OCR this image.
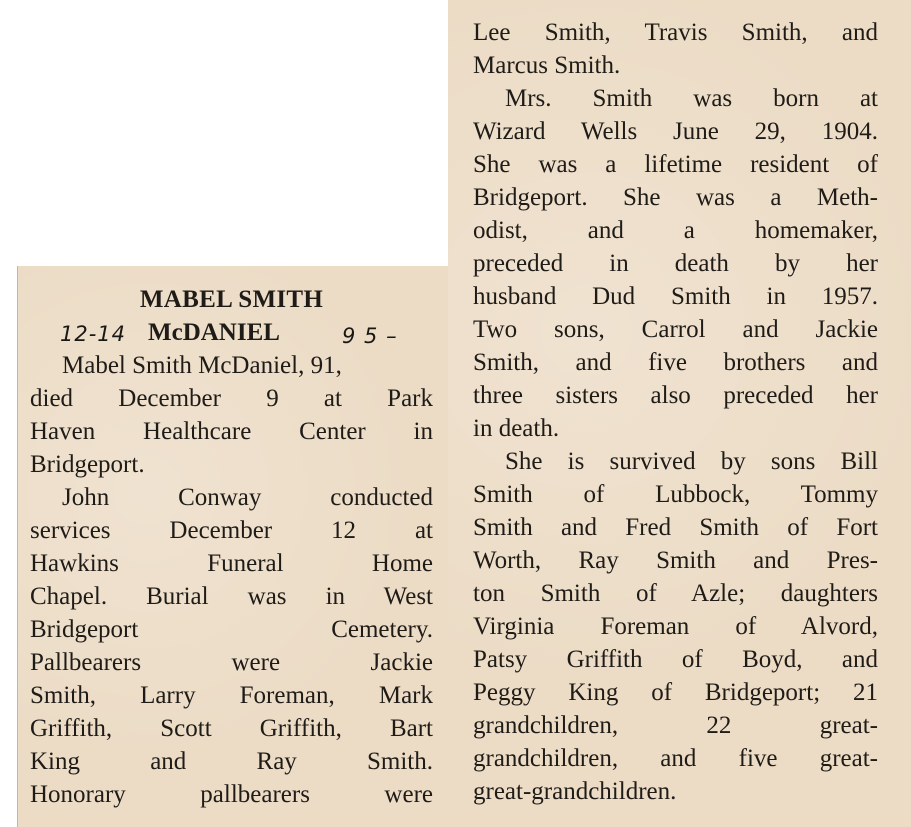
MABEL SMITH
12-14 McDANIEL	9 5 –
Mabel Smith McDaniel, 91,
died December 9 at Park
Haven Healthcare Center in
Bridgeport.
John Conway conducted
services December 12 at
Hawkins Funeral Home
Chapel. Burial was in West
Bridgeport Cemetery.
Pallbearers were Jackie
Smith, Larry Foreman, Mark
Griffith, Scott Griffith, Bart
King and Ray Smith.
Honorary pallbearers were
Lee Smith, Travis Smith, and
Marcus Smith.
Mrs. Smith was born at
Wizard Wells June 29, 1904.
She was a lifetime resident of
Bridgeport. She was a Meth-
odist, and a homemaker,
preceded in death by her
husband Dud Smith in 1957.
Two sons, Carrol and Jackie
Smith, and five brothers and
three sisters also preceded her
in death.
She is survived by sons Bill
Smith of Lubbock, Tommy
Smith and Fred Smith of Fort
Worth, Ray Smith and Pres-
ton Smith of Azle; daughters
Virginia Foreman of Alvord,
Patsy Griffith of Boyd, and
Peggy King of Bridgeport; 21
grandchildren, 22 great-
grandchildren, and five great-
great-grandchildren.
